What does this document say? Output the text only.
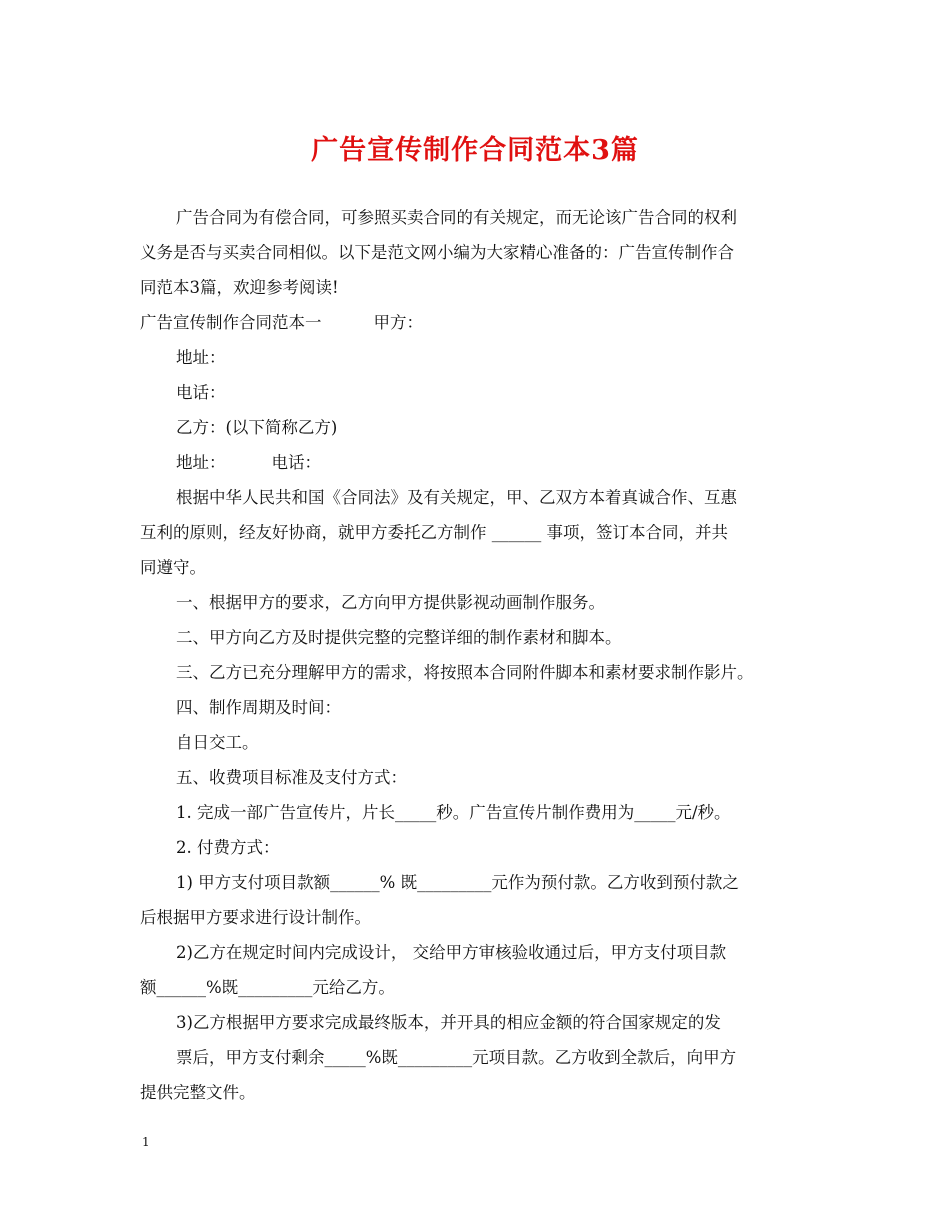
广告宣传制作合同范本3篇
广告合同为有偿合同，可参照买卖合同的有关规定，而无论该广告合同的权利
义务是否与买卖合同相似。以下是范文网小编为大家精心准备的：广告宣传制作合
同范本3篇，欢迎参考阅读!
广告宣传制作合同范本一	甲方：
地址：
电话：
乙方：(以下简称乙方)
地址：	电话：
根据中华人民共和国《合同法》及有关规定，甲、乙双方本着真诚合作、互惠
互利的原则，经友好协商，就甲方委托乙方制作 ______ 事项，签订本合同，并共
同遵守。
一、根据甲方的要求，乙方向甲方提供影视动画制作服务。
二、甲方向乙方及时提供完整的完整详细的制作素材和脚本。
三、乙方已充分理解甲方的需求，将按照本合同附件脚本和素材要求制作影片。
四、制作周期及时间：
自日交工。
五、收费项目标准及支付方式：
1. 完成一部广告宣传片，片长_____秒。广告宣传片制作费用为_____元/秒。
2. 付费方式：
1) 甲方支付项目款额______% 既_________元作为预付款。乙方收到预付款之
后根据甲方要求进行设计制作。
2)乙方在规定时间内完成设计， 交给甲方审核验收通过后，甲方支付项目款
额______%既_________元给乙方。
3)乙方根据甲方要求完成最终版本，并开具的相应金额的符合国家规定的发
票后，甲方支付剩余_____%既_________元项目款。乙方收到全款后，向甲方
提供完整文件。
1
